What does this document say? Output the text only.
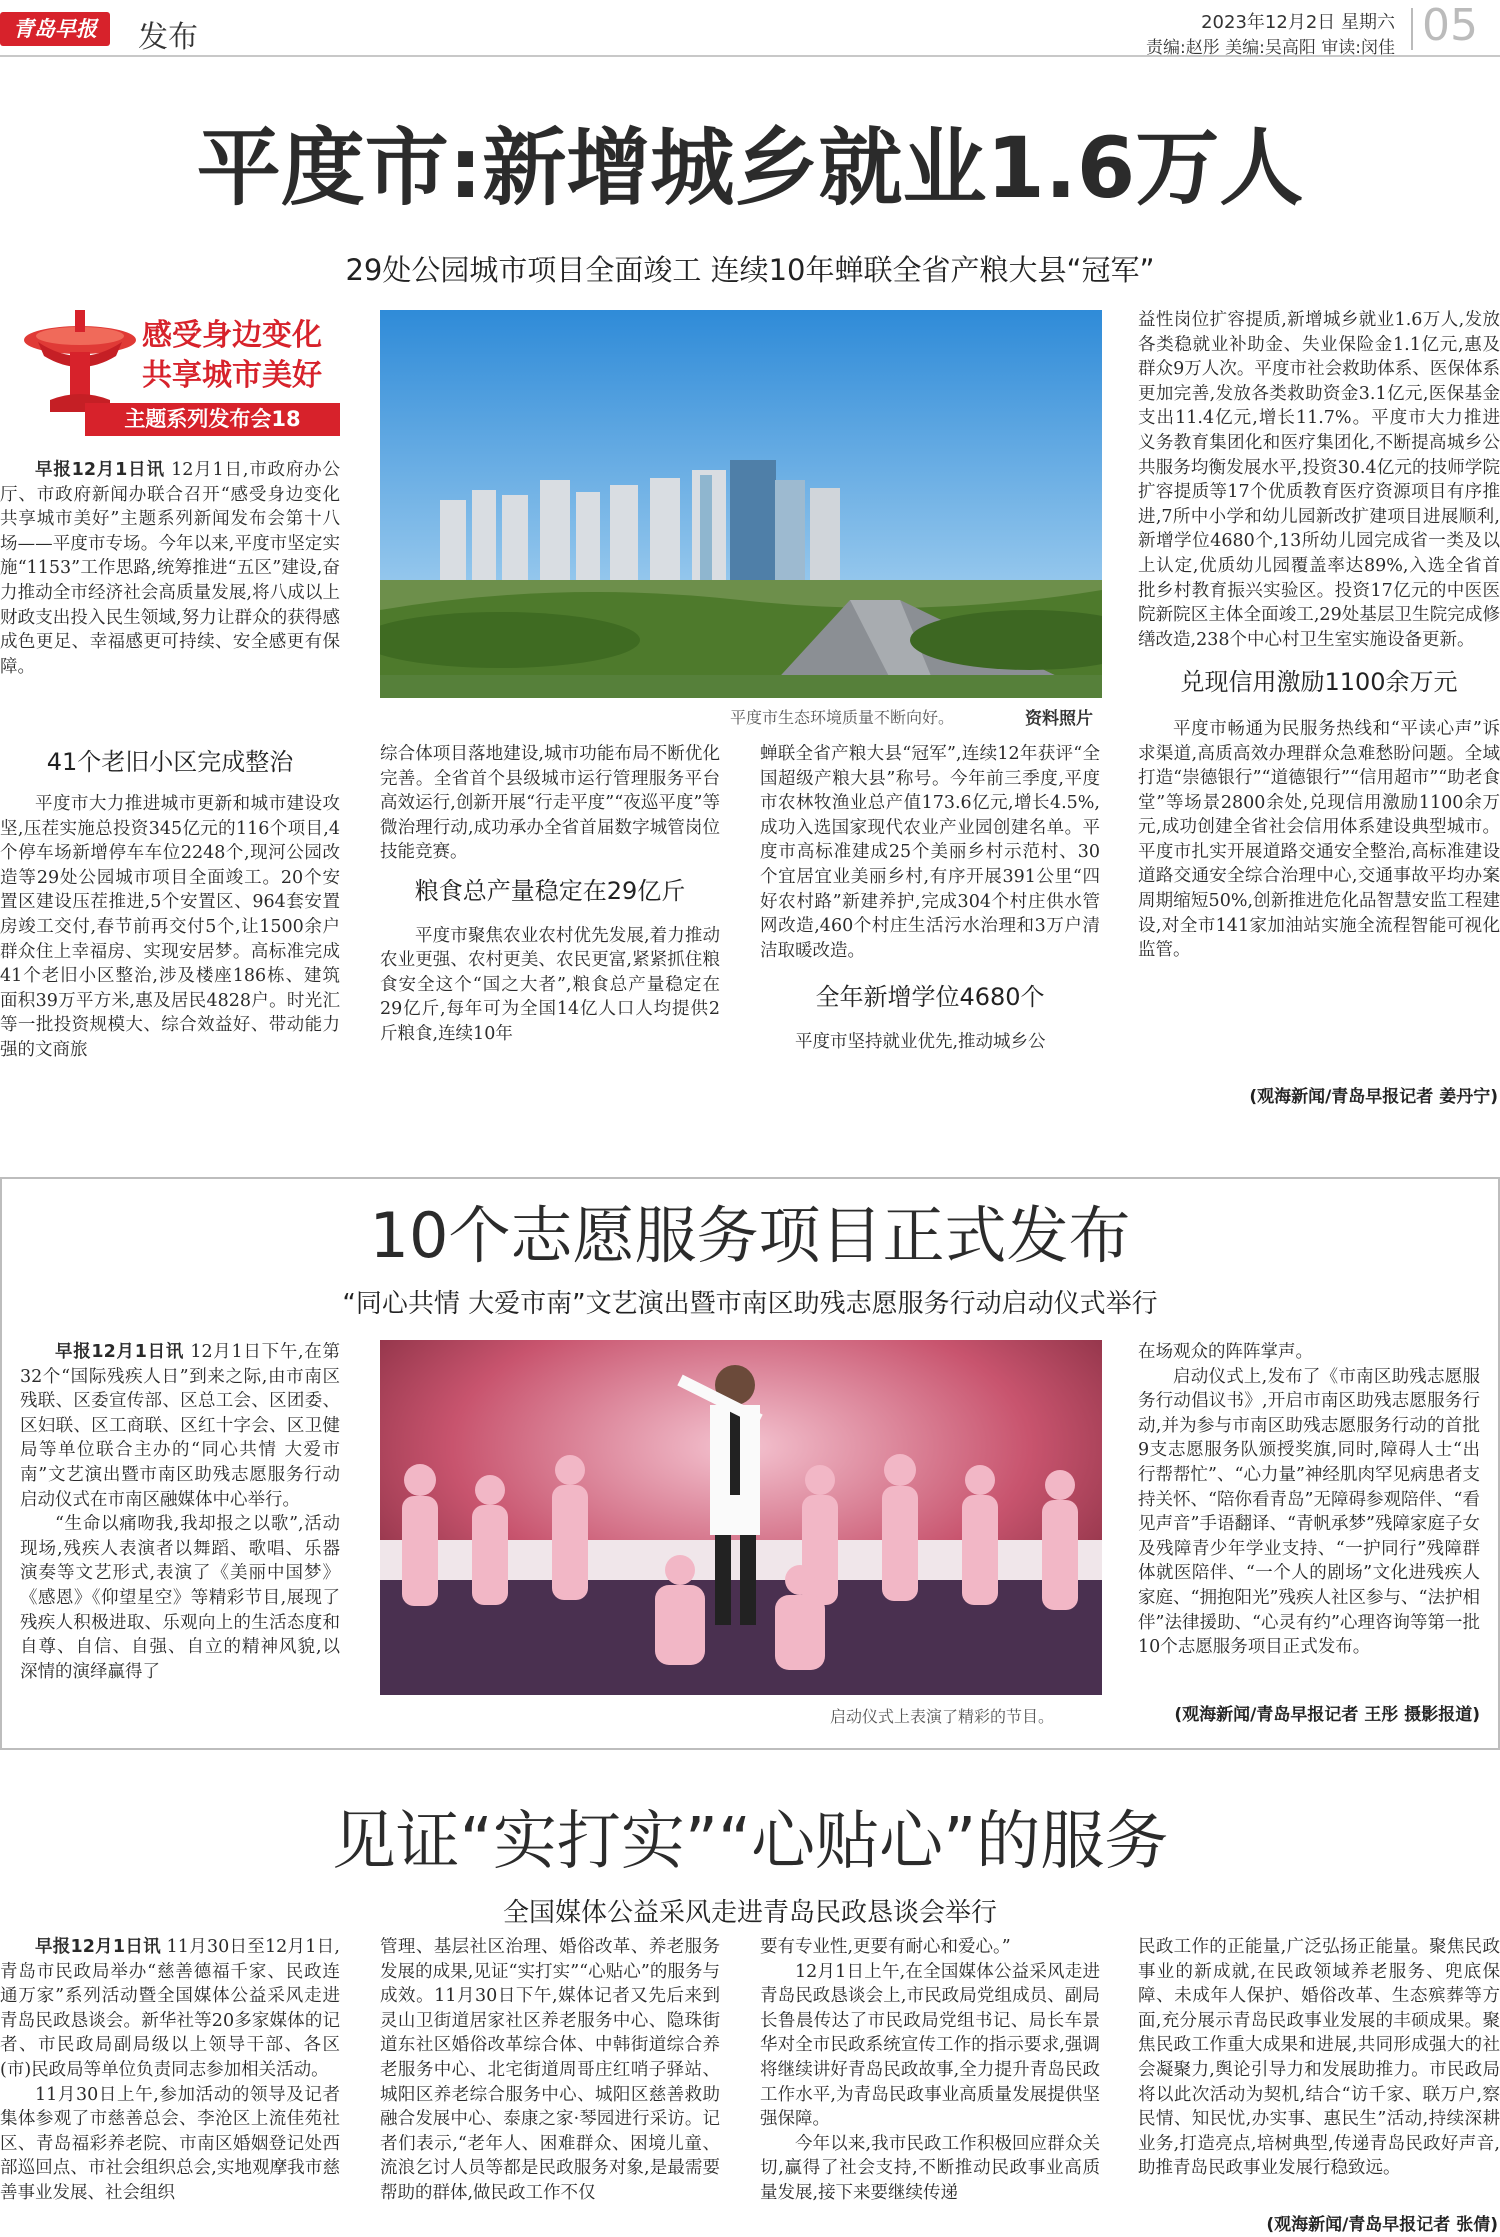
青岛早报	发布	2023年12月2日 星期六
责编:赵彤 美编:吴高阳 审读:闵佳 05
平度市:新增城乡就业1.6万人
29处公园城市项目全面竣工 连续10年蝉联全省产粮大县“冠军”
感受身边变化
共享城市美好
主题系列发布会18
平度市生态环境质量不断向好。	资料照片

早报12月1日讯 12月1日,市政府办公厅、市政府新闻办联合召开“感受身边变化 共享城市美好”主题系列新闻发布会第十八场——平度市专场。今年以来,平度市坚定实施“1153”工作思路,统筹推进“五区”建设,奋力推动全市经济社会高质量发展,将八成以上财政支出投入民生领域,努力让群众的获得感成色更足、幸福感更可持续、安全感更有保障。

41个老旧小区完成整治

平度市大力推进城市更新和城市建设攻坚,压茬实施总投资345亿元的116个项目,4个停车场新增停车车位2248个,现河公园改造等29处公园城市项目全面竣工。20个安置区建设压茬推进,5个安置区、964套安置房竣工交付,春节前再交付5个,让1500余户群众住上幸福房、实现安居梦。高标准完成41个老旧小区整治,涉及楼座186栋、建筑面积39万平方米,惠及居民4828户。时光汇等一批投资规模大、综合效益好、带动能力强的文商旅

综合体项目落地建设,城市功能布局不断优化完善。全省首个县级城市运行管理服务平台高效运行,创新开展“行走平度”“夜巡平度”等微治理行动,成功承办全省首届数字城管岗位技能竞赛。

粮食总产量稳定在29亿斤

平度市聚焦农业农村优先发展,着力推动农业更强、农村更美、农民更富,紧紧抓住粮食安全这个“国之大者”,粮食总产量稳定在29亿斤,每年可为全国14亿人口人均提供2斤粮食,连续10年

蝉联全省产粮大县“冠军”,连续12年获评“全国超级产粮大县”称号。今年前三季度,平度市农林牧渔业总产值173.6亿元,增长4.5%,成功入选国家现代农业产业园创建名单。平度市高标准建成25个美丽乡村示范村、30个宜居宜业美丽乡村,有序开展391公里“四好农村路”新建养护,完成304个村庄供水管网改造,460个村庄生活污水治理和3万户清洁取暖改造。

全年新增学位4680个

平度市坚持就业优先,推动城乡公

益性岗位扩容提质,新增城乡就业1.6万人,发放各类稳就业补助金、失业保险金1.1亿元,惠及群众9万人次。平度市社会救助体系、医保体系更加完善,发放各类救助资金3.1亿元,医保基金支出11.4亿元,增长11.7%。平度市大力推进义务教育集团化和医疗集团化,不断提高城乡公共服务均衡发展水平,投资30.4亿元的技师学院扩容提质等17个优质教育医疗资源项目有序推进,7所中小学和幼儿园新改扩建项目进展顺利,新增学位4680个,13所幼儿园完成省一类及以上认定,优质幼儿园覆盖率达89%,入选全省首批乡村教育振兴实验区。投资17亿元的中医医院新院区主体全面竣工,29处基层卫生院完成修缮改造,238个中心村卫生室实施设备更新。

兑现信用激励1100余万元

平度市畅通为民服务热线和“平读心声”诉求渠道,高质高效办理群众急难愁盼问题。全域打造“崇德银行”“道德银行”“信用超市”“助老食堂”等场景2800余处,兑现信用激励1100余万元,成功创建全省社会信用体系建设典型城市。平度市扎实开展道路交通安全整治,高标准建设道路交通安全综合治理中心,交通事故平均办案周期缩短50%,创新推进危化品智慧安监工程建设,对全市141家加油站实施全流程智能可视化监管。

(观海新闻/青岛早报记者 姜丹宁)
10个志愿服务项目正式发布
“同心共情 大爱市南”文艺演出暨市南区助残志愿服务行动启动仪式举行

早报12月1日讯 12月1日下午,在第32个“国际残疾人日”到来之际,由市南区残联、区委宣传部、区总工会、区团委、区妇联、区工商联、区红十字会、区卫健局等单位联合主办的“同心共情 大爱市南”文艺演出暨市南区助残志愿服务行动启动仪式在市南区融媒体中心举行。

“生命以痛吻我,我却报之以歌”,活动现场,残疾人表演者以舞蹈、歌唱、乐器演奏等文艺形式,表演了《美丽中国梦》《感恩》《仰望星空》等精彩节目,展现了残疾人积极进取、乐观向上的生活态度和自尊、自信、自强、自立的精神风貌,以深情的演绎赢得了

启动仪式上表演了精彩的节目。

在场观众的阵阵掌声。

启动仪式上,发布了《市南区助残志愿服务行动倡议书》,开启市南区助残志愿服务行动,并为参与市南区助残志愿服务行动的首批9支志愿服务队颁授奖旗,同时,障碍人士“出行帮帮忙”、“心力量”神经肌肉罕见病患者支持关怀、“陪你看青岛”无障碍参观陪伴、“看见声音”手语翻译、“青帆承梦”残障家庭子女及残障青少年学业支持、“一护同行”残障群体就医陪伴、“一个人的剧场”文化进残疾人家庭、“拥抱阳光”残疾人社区参与、“法护相伴”法律援助、“心灵有约”心理咨询等第一批10个志愿服务项目正式发布。

(观海新闻/青岛早报记者 王彤 摄影报道)
见证“实打实”“心贴心”的服务
全国媒体公益采风走进青岛民政恳谈会举行

早报12月1日讯 11月30日至12月1日,青岛市民政局举办“慈善德福千家、民政连通万家”系列活动暨全国媒体公益采风走进青岛民政恳谈会。新华社等20多家媒体的记者、市民政局副局级以上领导干部、各区(市)民政局等单位负责同志参加相关活动。

11月30日上午,参加活动的领导及记者集体参观了市慈善总会、李沧区上流佳苑社区、青岛福彩养老院、市南区婚姻登记处西部巡回点、市社会组织总会,实地观摩我市慈善事业发展、社会组织

管理、基层社区治理、婚俗改革、养老服务发展的成果,见证“实打实”“心贴心”的服务与成效。11月30日下午,媒体记者又先后来到灵山卫街道居家社区养老服务中心、隐珠街道东社区婚俗改革综合体、中韩街道综合养老服务中心、北宅街道周哥庄红哨子驿站、城阳区养老综合服务中心、城阳区慈善救助融合发展中心、泰康之家·琴园进行采访。记者们表示,“老年人、困难群众、困境儿童、流浪乞讨人员等都是民政服务对象,是最需要帮助的群体,做民政工作不仅

要有专业性,更要有耐心和爱心。”

12月1日上午,在全国媒体公益采风走进青岛民政恳谈会上,市民政局党组成员、副局长鲁晨传达了市民政局党组书记、局长车景华对全市民政系统宣传工作的指示要求,强调将继续讲好青岛民政故事,全力提升青岛民政工作水平,为青岛民政事业高质量发展提供坚强保障。

今年以来,我市民政工作积极回应群众关切,赢得了社会支持,不断推动民政事业高质量发展,接下来要继续传递

民政工作的正能量,广泛弘扬正能量。聚焦民政事业的新成就,在民政领域养老服务、兜底保障、未成年人保护、婚俗改革、生态殡葬等方面,充分展示青岛民政事业发展的丰硕成果。聚焦民政工作重大成果和进展,共同形成强大的社会凝聚力,舆论引导力和发展助推力。市民政局将以此次活动为契机,结合“访千家、联万户,察民情、知民忧,办实事、惠民生”活动,持续深耕业务,打造亮点,培树典型,传递青岛民政好声音,助推青岛民政事业发展行稳致远。

(观海新闻/青岛早报记者 张倩)
